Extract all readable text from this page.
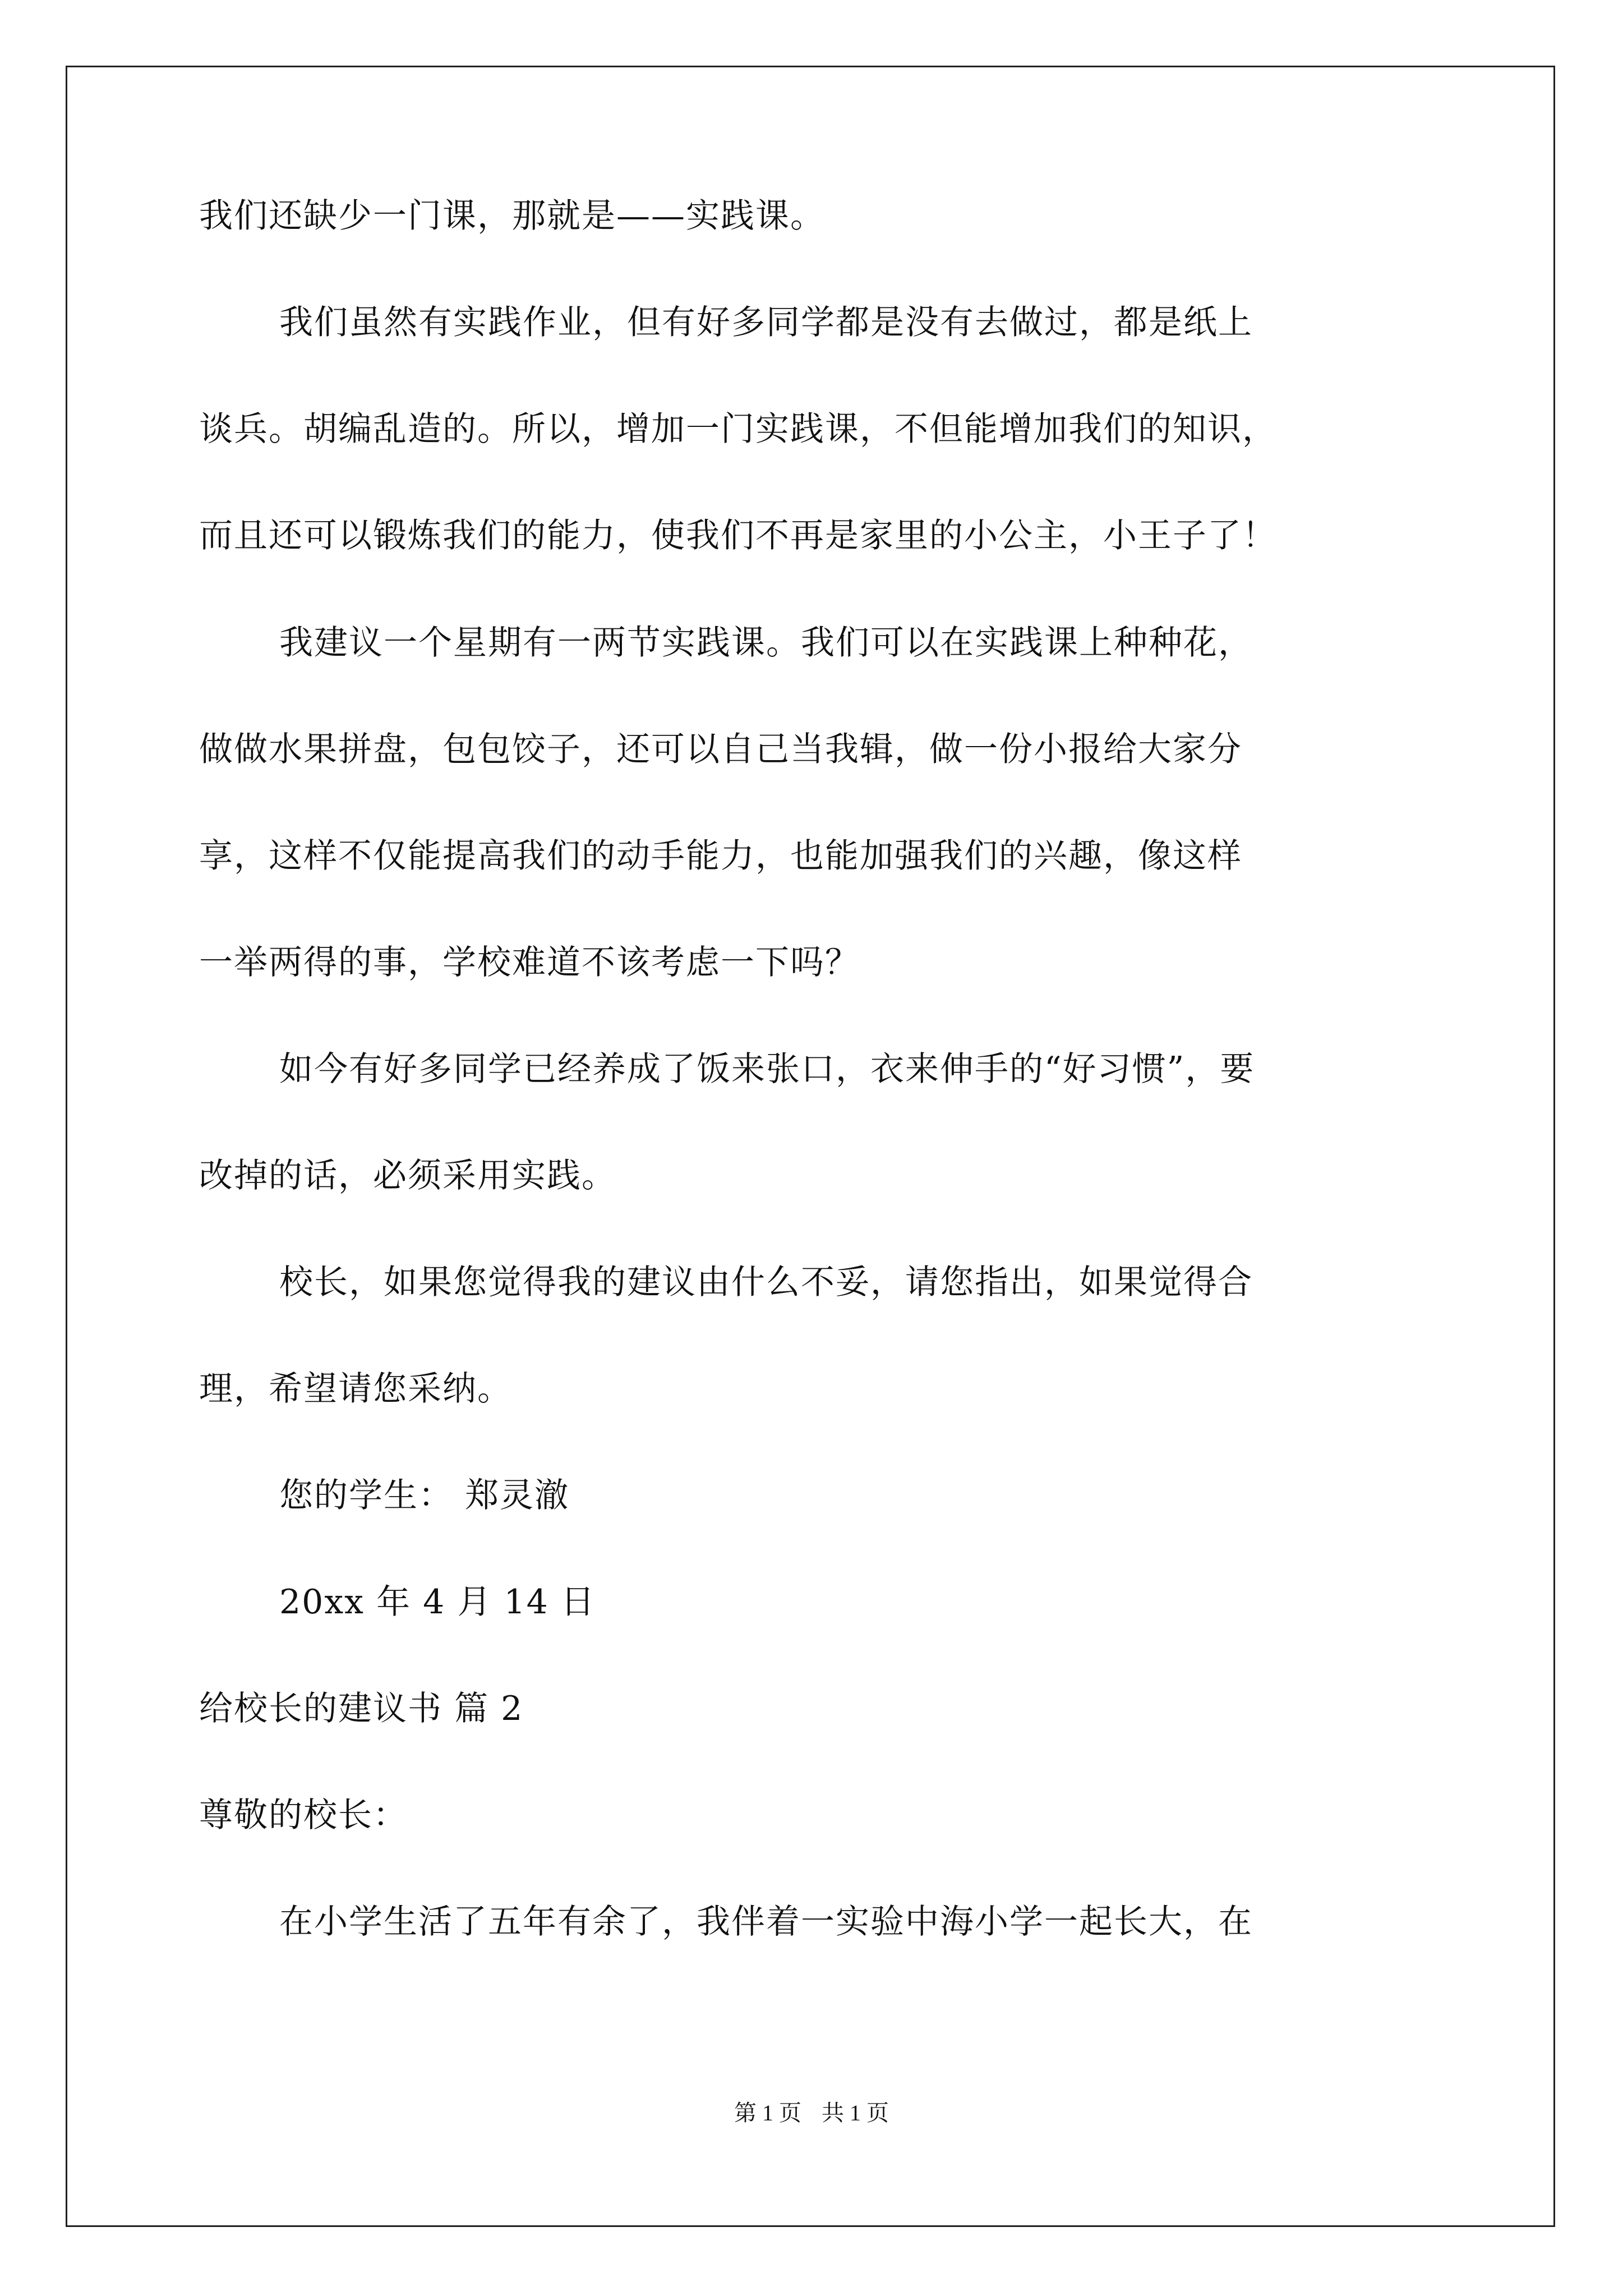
我们还缺少一门课，那就是——实践课。
我们虽然有实践作业，但有好多同学都是没有去做过，都是纸上
谈兵。胡编乱造的。所以，增加一门实践课，不但能增加我们的知识，
而且还可以锻炼我们的能力，使我们不再是家里的小公主，小王子了！
我建议一个星期有一两节实践课。我们可以在实践课上种种花，
做做水果拼盘，包包饺子，还可以自己当我辑，做一份小报给大家分
享，这样不仅能提高我们的动手能力，也能加强我们的兴趣，像这样
一举两得的事，学校难道不该考虑一下吗？
如今有好多同学已经养成了饭来张口，衣来伸手的“好习惯”，要
改掉的话，必须采用实践。
校长，如果您觉得我的建议由什么不妥，请您指出，如果觉得合
理，希望请您采纳。
您的学生： 郑灵澈
20xx 年 4 月 14 日
给校长的建议书 篇 2
尊敬的校长：
在小学生活了五年有余了，我伴着一实验中海小学一起长大，在
第 1 页 共 1 页
